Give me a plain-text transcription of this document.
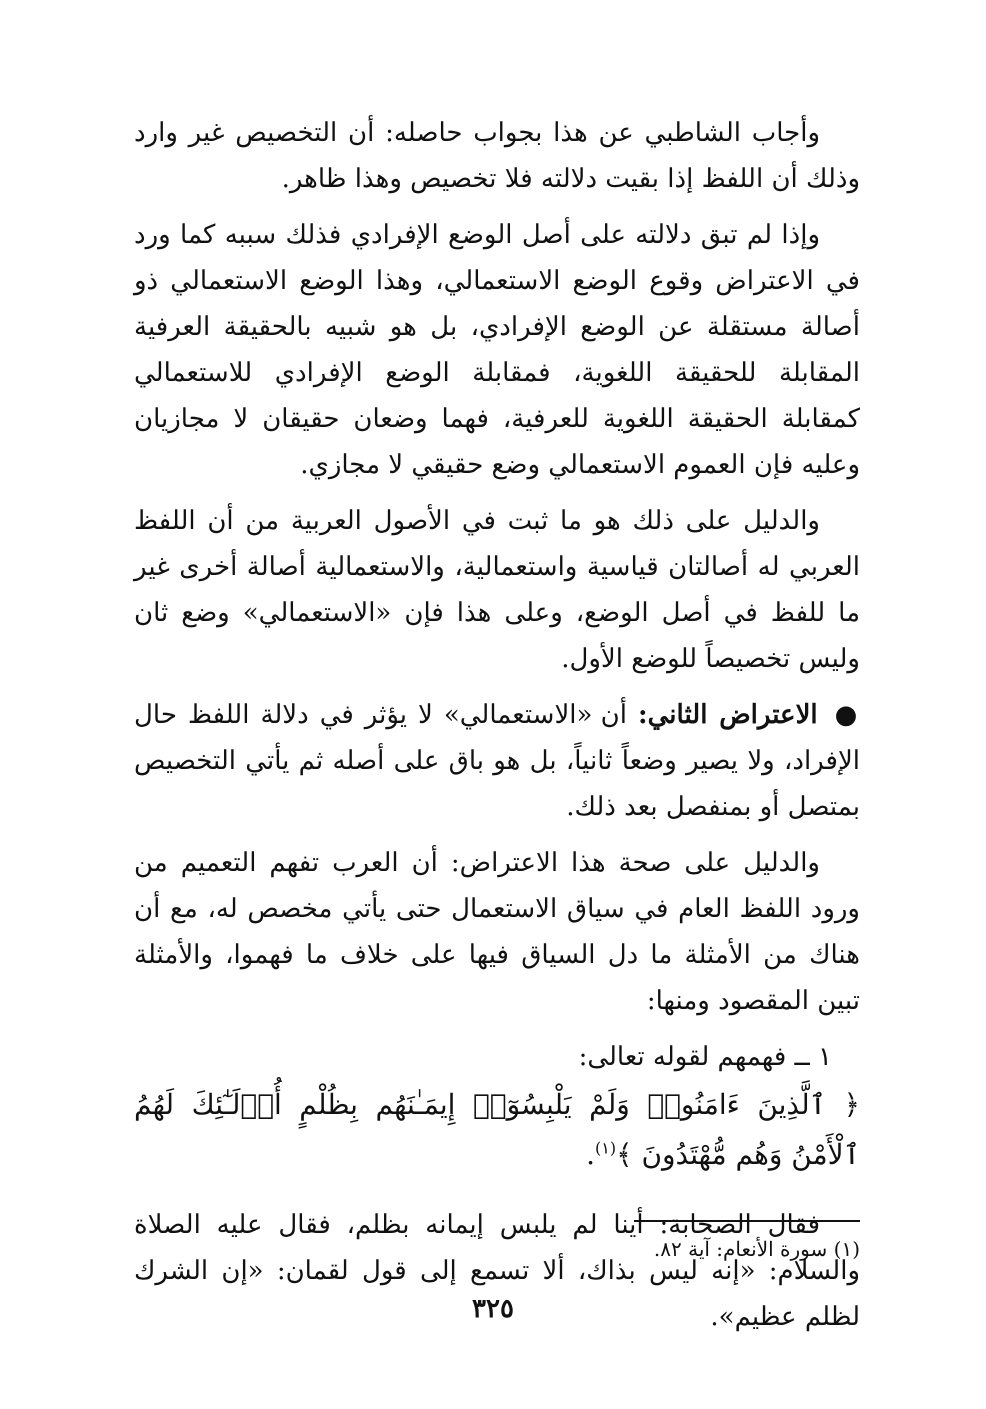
وأجاب الشاطبي عن هذا بجواب حاصله: أن التخصيص غير وارد وذلك أن اللفظ إذا بقيت دلالته فلا تخصيص وهذا ظاهر.

وإذا لم تبق دلالته على أصل الوضع الإفرادي فذلك سببه كما ورد في الاعتراض وقوع الوضع الاستعمالي، وهذا الوضع الاستعمالي ذو أصالة مستقلة عن الوضع الإفرادي، بل هو شبيه بالحقيقة العرفية المقابلة للحقيقة اللغوية، فمقابلة الوضع الإفرادي للاستعمالي كمقابلة الحقيقة اللغوية للعرفية، فهما وضعان حقيقان لا مجازيان وعليه فإن العموم الاستعمالي وضع حقيقي لا مجازي.

والدليل على ذلك هو ما ثبت في الأصول العربية من أن اللفظ العربي له أصالتان قياسية واستعمالية، والاستعمالية أصالة أخرى غير ما للفظ في أصل الوضع، وعلى هذا فإن «الاستعمالي» وضع ثان وليس تخصيصاً للوضع الأول.

● الاعتراض الثاني: أن «الاستعمالي» لا يؤثر في دلالة اللفظ حال الإفراد، ولا يصير وضعاً ثانياً، بل هو باق على أصله ثم يأتي التخصيص بمتصل أو بمنفصل بعد ذلك.

والدليل على صحة هذا الاعتراض: أن العرب تفهم التعميم من ورود اللفظ العام في سياق الاستعمال حتى يأتي مخصص له، مع أن هناك من الأمثلة ما دل السياق فيها على خلاف ما فهموا، والأمثلة تبين المقصود ومنها:

١ ــ فهمهم لقوله تعالى:

﴿ ٱلَّذِينَ ءَامَنُوا۟ وَلَمْ يَلْبِسُوٓا۟ إِيمَـٰنَهُم بِظُلْمٍ أُو۟لَـٰٓئِكَ لَهُمُ ٱلْأَمْنُ وَهُم مُّهْتَدُونَ ﴾$^{(١)}$.

فقال الصحابة: أينا لم يلبس إيمانه بظلم، فقال عليه الصلاة والسلام: «إنه ليس بذاك، ألا تسمع إلى قول لقمان: «إن الشرك لظلم عظيم».

(١) سورة الأنعام: آية ٨٢.
٣٢٥
